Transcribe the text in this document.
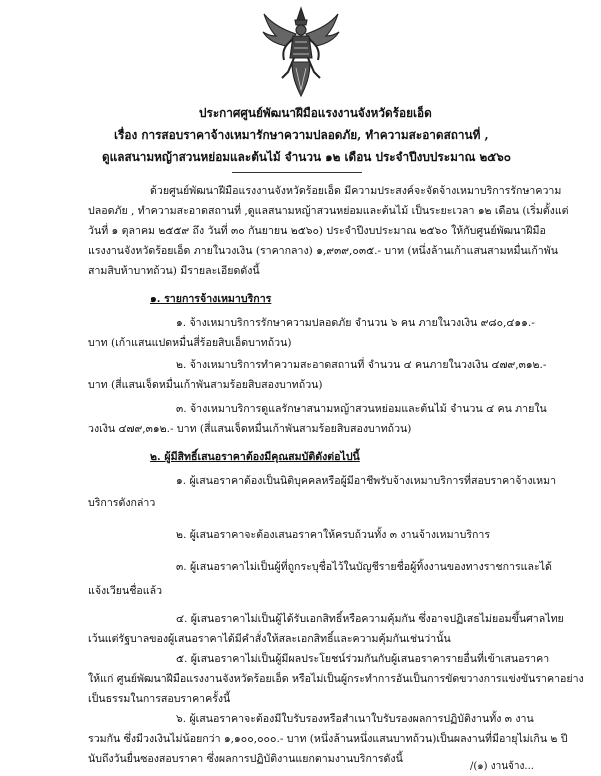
ประกาศศูนย์พัฒนาฝีมือแรงงานจังหวัดร้อยเอ็ด
เรื่อง การสอบราคาจ้างเหมารักษาความปลอดภัย, ทำความสะอาดสถานที่ ,
ดูแลสนามหญ้าสวนหย่อมและต้นไม้ จำนวน ๑๒ เดือน ประจำปีงบประมาณ ๒๕๖๐
ด้วยศูนย์พัฒนาฝีมือแรงงานจังหวัดร้อยเอ็ด มีความประสงค์จะจัดจ้างเหมาบริการรักษาความ
ปลอดภัย , ทำความสะอาดสถานที่ ,ดูแลสนามหญ้าสวนหย่อมและต้นไม้ เป็นระยะเวลา ๑๒ เดือน (เริ่มตั้งแต่
วันที่ ๑ ตุลาคม ๒๕๕๙ ถึง วันที่ ๓๐ กันยายน ๒๕๖๐) ประจำปีงบประมาณ ๒๕๖๐ ให้กับศูนย์พัฒนาฝีมือ
แรงงานจังหวัดร้อยเอ็ด ภายในวงเงิน (ราคากลาง) ๑,๙๓๙,๐๓๕.- บาท (หนึ่งล้านเก้าแสนสามหมื่นเก้าพัน
สามสิบห้าบาทถ้วน) มีรายละเอียดดังนี้
๑. รายการจ้างเหมาบริการ
๑. จ้างเหมาบริการรักษาความปลอดภัย จำนวน ๖ คน ภายในวงเงิน ๙๘๐,๔๑๑.-
บาท (เก้าแสนแปดหมื่นสี่ร้อยสิบเอ็ดบาทถ้วน)
๒. จ้างเหมาบริการทำความสะอาดสถานที่ จำนวน ๔ คนภายในวงเงิน ๔๗๙,๓๑๒.-
บาท (สี่แสนเจ็ดหมื่นเก้าพันสามร้อยสิบสองบาทถ้วน)
๓. จ้างเหมาบริการดูแลรักษาสนามหญ้าสวนหย่อมและต้นไม้ จำนวน ๔ คน ภายใน
วงเงิน ๔๗๙,๓๑๒.- บาท (สี่แสนเจ็ดหมื่นเก้าพันสามร้อยสิบสองบาทถ้วน)
๒. ผู้มีสิทธิ์เสนอราคาต้องมีคุณสมบัติดังต่อไปนี้
๑. ผู้เสนอราคาต้องเป็นนิติบุคคลหรือผู้มีอาชีพรับจ้างเหมาบริการที่สอบราคาจ้างเหมา
บริการดังกล่าว
๒. ผู้เสนอราคาจะต้องเสนอราคาให้ครบถ้วนทั้ง ๓ งานจ้างเหมาบริการ
๓. ผู้เสนอราคาไม่เป็นผู้ที่ถูกระบุชื่อไว้ในบัญชีรายชื่อผู้ทิ้งงานของทางราชการและได้
แจ้งเวียนชื่อแล้ว
๔. ผู้เสนอราคาไม่เป็นผู้ได้รับเอกสิทธิ์หรือความคุ้มกัน ซึ่งอาจปฏิเสธไม่ยอมขึ้นศาลไทย
เว้นแต่รัฐบาลของผู้เสนอราคาได้มีคำสั่งให้สละเอกสิทธิ์และความคุ้มกันเช่นว่านั้น
๕. ผู้เสนอราคาไม่เป็นผู้มีผลประโยชน์ร่วมกันกับผู้เสนอราคารายอื่นที่เข้าเสนอราคา
ให้แก่ ศูนย์พัฒนาฝีมือแรงงานจังหวัดร้อยเอ็ด หรือไม่เป็นผู้กระทำการอันเป็นการขัดขวางการแข่งขันราคาอย่าง
เป็นธรรมในการสอบราคาครั้งนี้
๖. ผู้เสนอราคาจะต้องมีใบรับรองหรือสำเนาใบรับรองผลการปฏิบัติงานทั้ง ๓ งาน
รวมกัน ซึ่งมีวงเงินไม่น้อยกว่า ๑,๑๐๐,๐๐๐.- บาท (หนึ่งล้านหนึ่งแสนบาทถ้วน)เป็นผลงานที่มีอายุไม่เกิน ๒ ปี
นับถึงวันยื่นซองสอบราคา ซึ่งผลการปฏิบัติงานแยกตามงานบริการดังนี้
/(๑) งานจ้าง...
